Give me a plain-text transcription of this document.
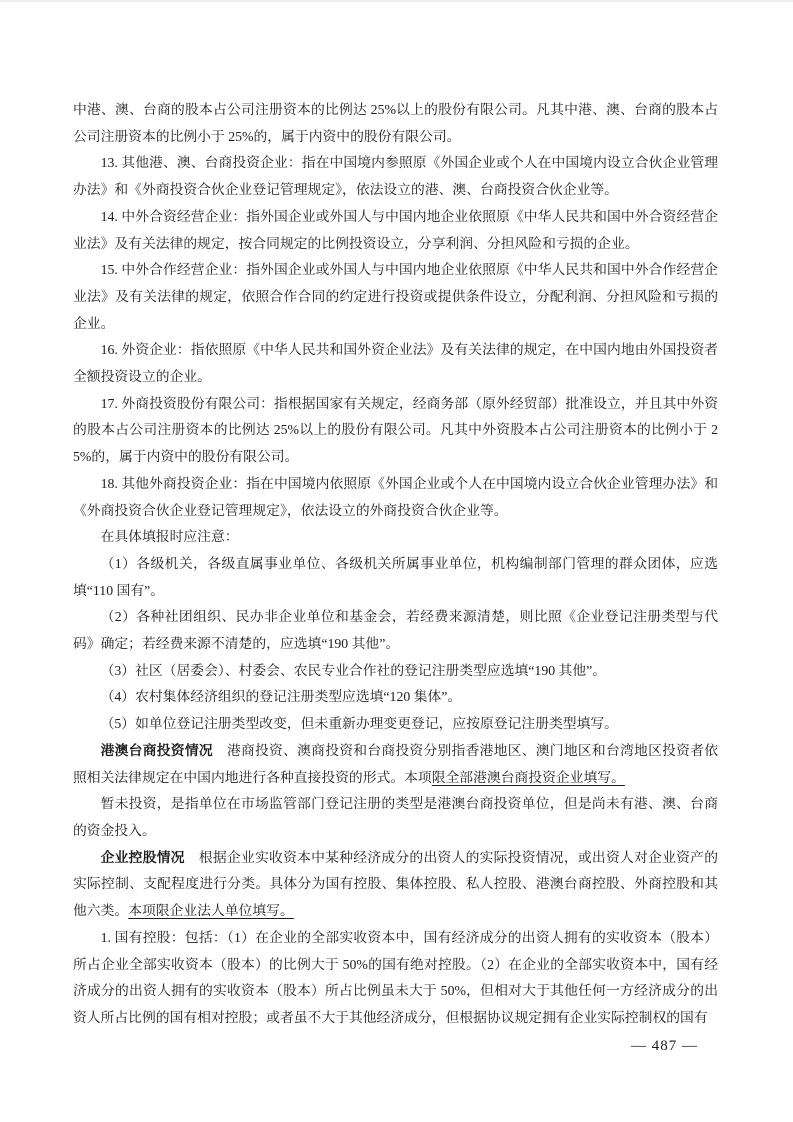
中港、澳、台商的股本占公司注册资本的比例达 25%以上的股份有限公司。凡其中港、澳、台商的股本占公司注册资本的比例小于 25%的，属于内资中的股份有限公司。

13. 其他港、澳、台商投资企业：指在中国境内参照原《外国企业或个人在中国境内设立合伙企业管理办法》和《外商投资合伙企业登记管理规定》，依法设立的港、澳、台商投资合伙企业等。

14. 中外合资经营企业：指外国企业或外国人与中国内地企业依照原《中华人民共和国中外合资经营企业法》及有关法律的规定，按合同规定的比例投资设立，分享利润、分担风险和亏损的企业。

15. 中外合作经营企业：指外国企业或外国人与中国内地企业依照原《中华人民共和国中外合作经营企业法》及有关法律的规定，依照合作合同的约定进行投资或提供条件设立，分配利润、分担风险和亏损的企业。

16. 外资企业：指依照原《中华人民共和国外资企业法》及有关法律的规定，在中国内地由外国投资者全额投资设立的企业。

17. 外商投资股份有限公司：指根据国家有关规定，经商务部（原外经贸部）批准设立，并且其中外资的股本占公司注册资本的比例达 25%以上的股份有限公司。凡其中外资股本占公司注册资本的比例小于 25%的，属于内资中的股份有限公司。

18. 其他外商投资企业：指在中国境内依照原《外国企业或个人在中国境内设立合伙企业管理办法》和《外商投资合伙企业登记管理规定》，依法设立的外商投资合伙企业等。

在具体填报时应注意：

（1）各级机关，各级直属事业单位、各级机关所属事业单位，机构编制部门管理的群众团体，应选填“110 国有”。

（2）各种社团组织、民办非企业单位和基金会，若经费来源清楚，则比照《企业登记注册类型与代码》确定；若经费来源不清楚的，应选填“190 其他”。

（3）社区（居委会）、村委会、农民专业合作社的登记注册类型应选填“190 其他”。

（4）农村集体经济组织的登记注册类型应选填“120 集体”。

（5）如单位登记注册类型改变，但未重新办理变更登记，应按原登记注册类型填写。

港澳台商投资情况　港商投资、澳商投资和台商投资分别指香港地区、澳门地区和台湾地区投资者依照相关法律规定在中国内地进行各种直接投资的形式。本项限全部港澳台商投资企业填写。

暂未投资，是指单位在市场监管部门登记注册的类型是港澳台商投资单位，但是尚未有港、澳、台商的资金投入。

企业控股情况　根据企业实收资本中某种经济成分的出资人的实际投资情况，或出资人对企业资产的实际控制、支配程度进行分类。具体分为国有控股、集体控股、私人控股、港澳台商控股、外商控股和其他六类。本项限企业法人单位填写。

1. 国有控股：包括：（1）在企业的全部实收资本中，国有经济成分的出资人拥有的实收资本（股本）所占企业全部实收资本（股本）的比例大于 50%的国有绝对控股。（2）在企业的全部实收资本中，国有经济成分的出资人拥有的实收资本（股本）所占比例虽未大于 50%，但相对大于其他任何一方经济成分的出资人所占比例的国有相对控股；或者虽不大于其他经济成分，但根据协议规定拥有企业实际控制权的国有

— 487 —
